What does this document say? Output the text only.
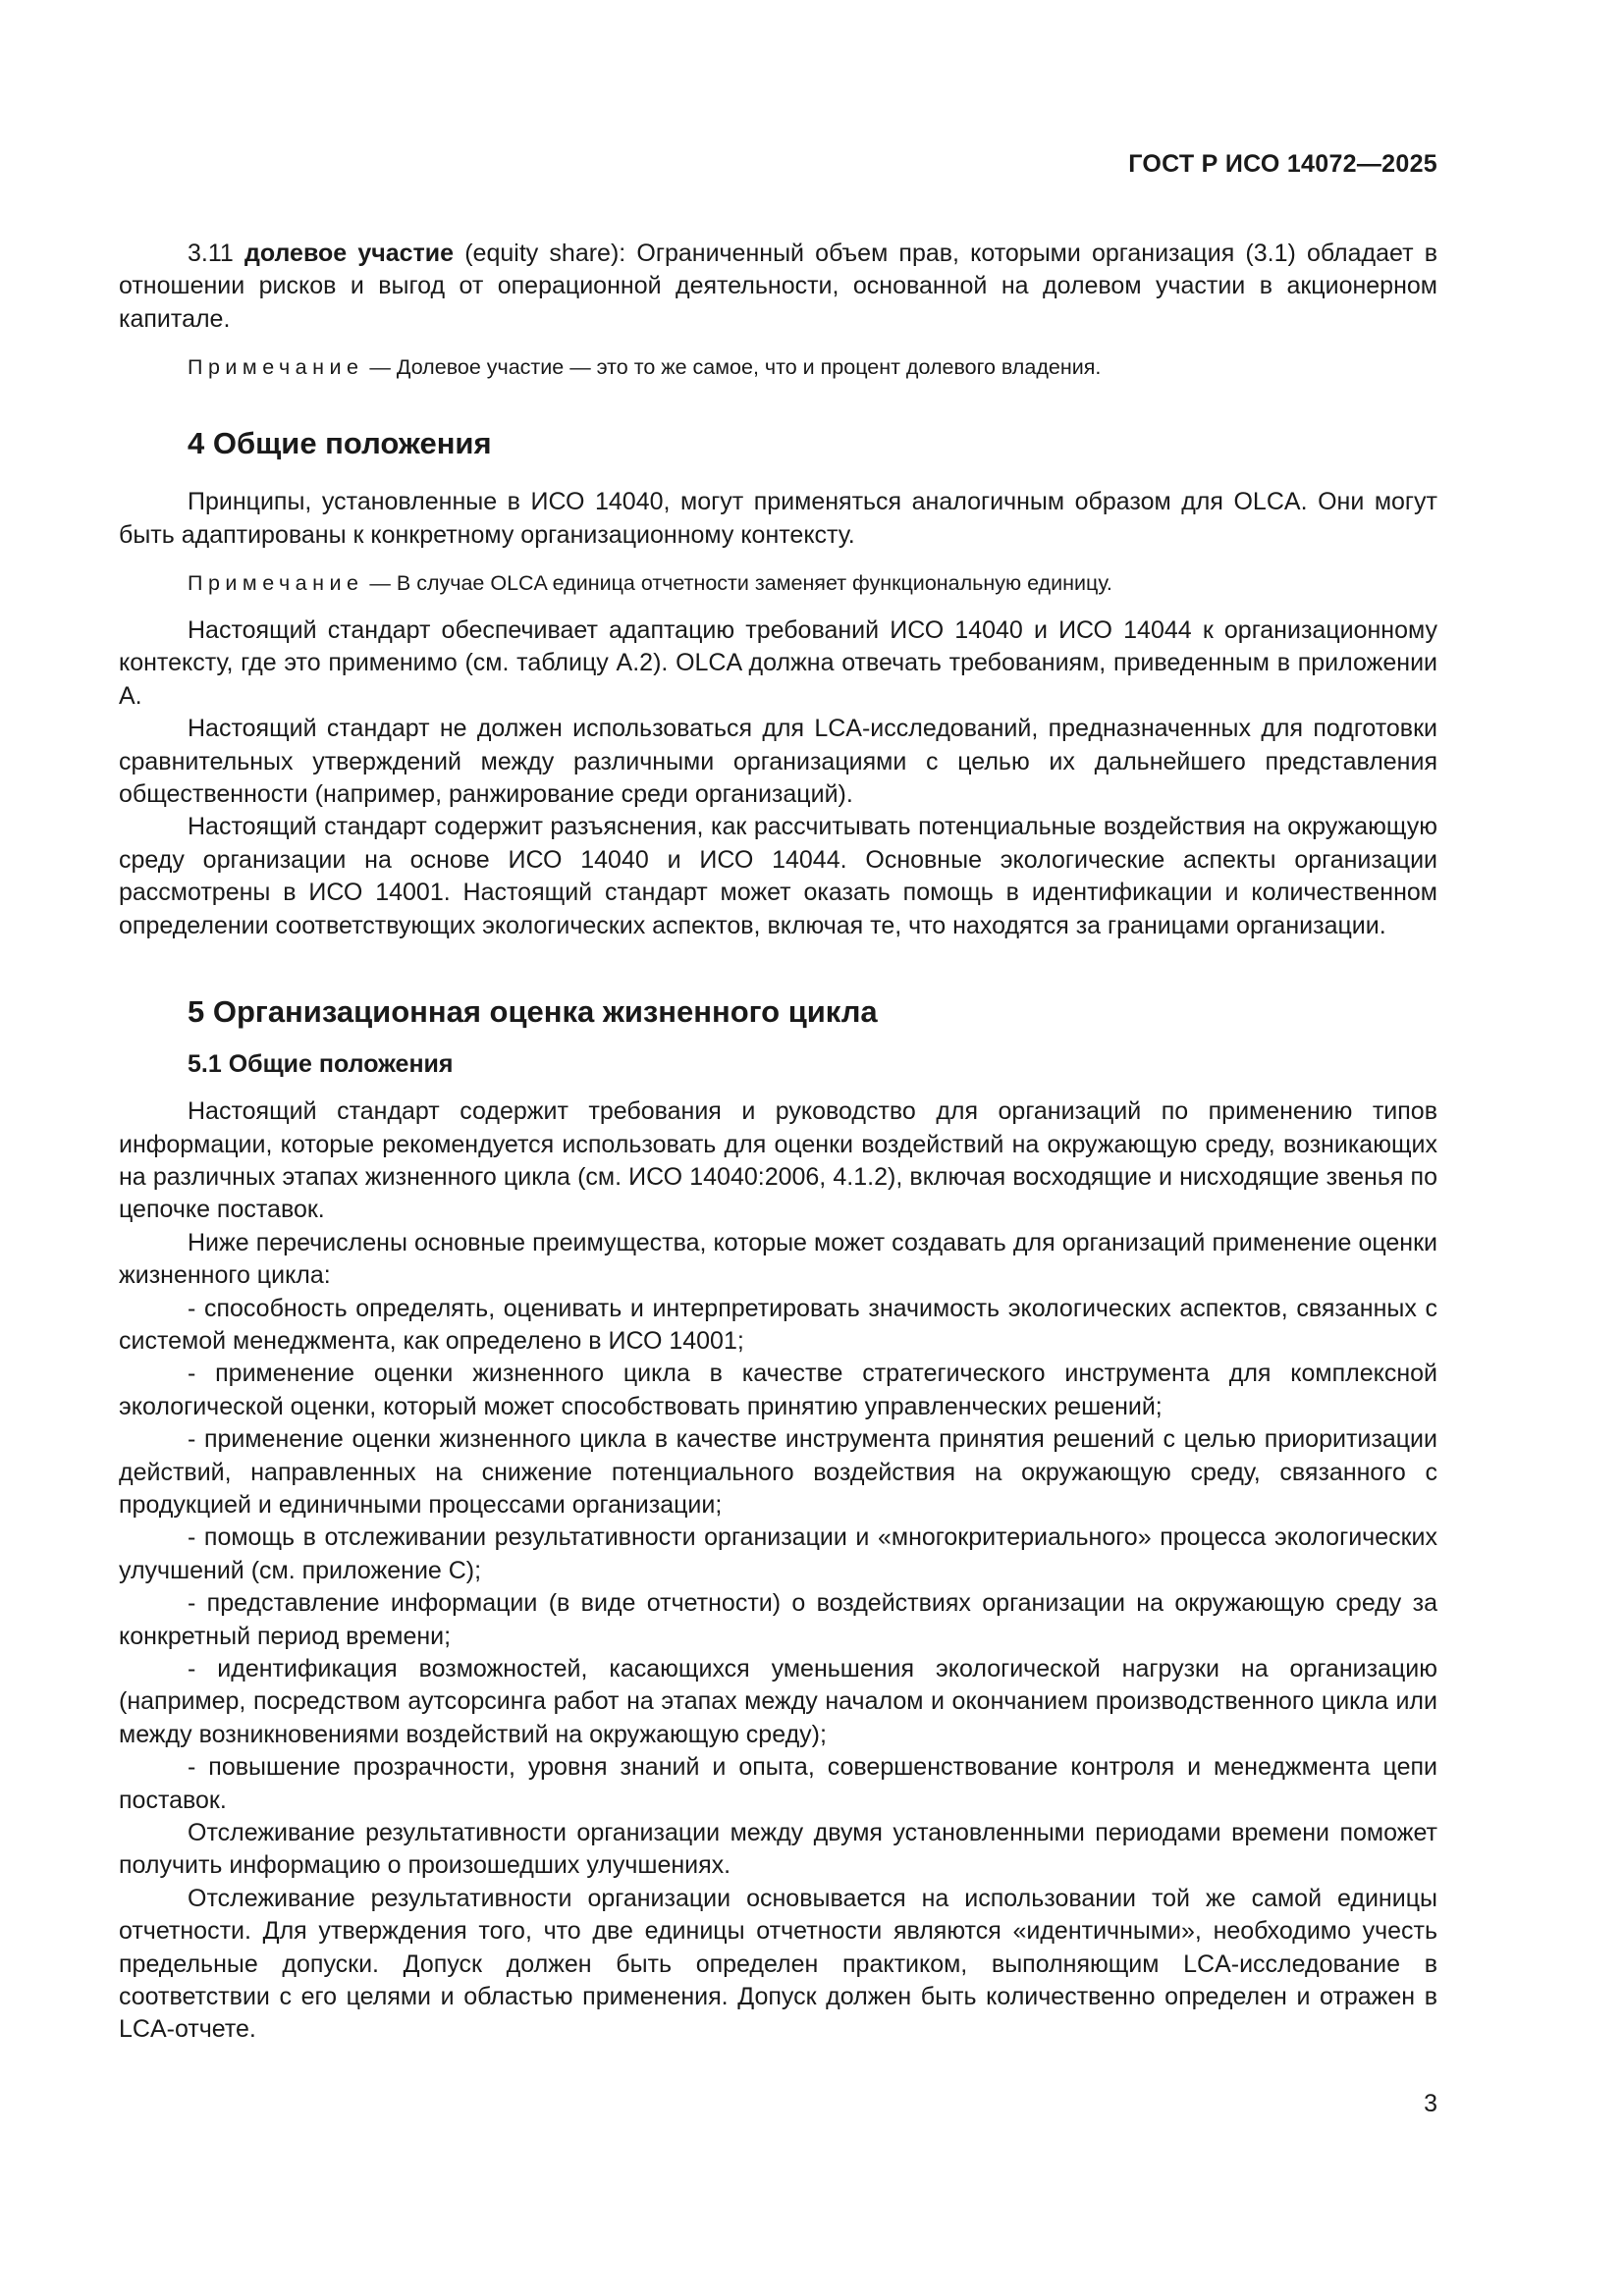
ГОСТ Р ИСО 14072—2025

3.11 долевое участие (equity share): Ограниченный объем прав, которыми организация (3.1) обладает в отношении рисков и выгод от операционной деятельности, основанной на долевом участии в акционерном капитале.

Примечание — Долевое участие — это то же самое, что и процент долевого владения.

4 Общие положения

Принципы, установленные в ИСО 14040, могут применяться аналогичным образом для OLCA. Они могут быть адаптированы к конкретному организационному контексту.

Примечание — В случае OLCA единица отчетности заменяет функциональную единицу.

Настоящий стандарт обеспечивает адаптацию требований ИСО 14040 и ИСО 14044 к организационному контексту, где это применимо (см. таблицу А.2). OLCA должна отвечать требованиям, приведенным в приложении А.

Настоящий стандарт не должен использоваться для LCA-исследований, предназначенных для подготовки сравнительных утверждений между различными организациями с целью их дальнейшего представления общественности (например, ранжирование среди организаций).

Настоящий стандарт содержит разъяснения, как рассчитывать потенциальные воздействия на окружающую среду организации на основе ИСО 14040 и ИСО 14044. Основные экологические аспекты организации рассмотрены в ИСО 14001. Настоящий стандарт может оказать помощь в идентификации и количественном определении соответствующих экологических аспектов, включая те, что находятся за границами организации.

5 Организационная оценка жизненного цикла
5.1 Общие положения

Настоящий стандарт содержит требования и руководство для организаций по применению типов информации, которые рекомендуется использовать для оценки воздействий на окружающую среду, возникающих на различных этапах жизненного цикла (см. ИСО 14040:2006, 4.1.2), включая восходящие и нисходящие звенья по цепочке поставок.

Ниже перечислены основные преимущества, которые может создавать для организаций применение оценки жизненного цикла:

- способность определять, оценивать и интерпретировать значимость экологических аспектов, связанных с системой менеджмента, как определено в ИСО 14001;

- применение оценки жизненного цикла в качестве стратегического инструмента для комплексной экологической оценки, который может способствовать принятию управленческих решений;

- применение оценки жизненного цикла в качестве инструмента принятия решений с целью приоритизации действий, направленных на снижение потенциального воздействия на окружающую среду, связанного с продукцией и единичными процессами организации;

- помощь в отслеживании результативности организации и «многокритериального» процесса экологических улучшений (см. приложение С);

- представление информации (в виде отчетности) о воздействиях организации на окружающую среду за конкретный период времени;

- идентификация возможностей, касающихся уменьшения экологической нагрузки на организацию (например, посредством аутсорсинга работ на этапах между началом и окончанием производственного цикла или между возникновениями воздействий на окружающую среду);

- повышение прозрачности, уровня знаний и опыта, совершенствование контроля и менеджмента цепи поставок.

Отслеживание результативности организации между двумя установленными периодами времени поможет получить информацию о произошедших улучшениях.

Отслеживание результативности организации основывается на использовании той же самой единицы отчетности. Для утверждения того, что две единицы отчетности являются «идентичными», необходимо учесть предельные допуски. Допуск должен быть определен практиком, выполняющим LCA-исследование в соответствии с его целями и областью применения. Допуск должен быть количественно определен и отражен в LCA-отчете.

3
